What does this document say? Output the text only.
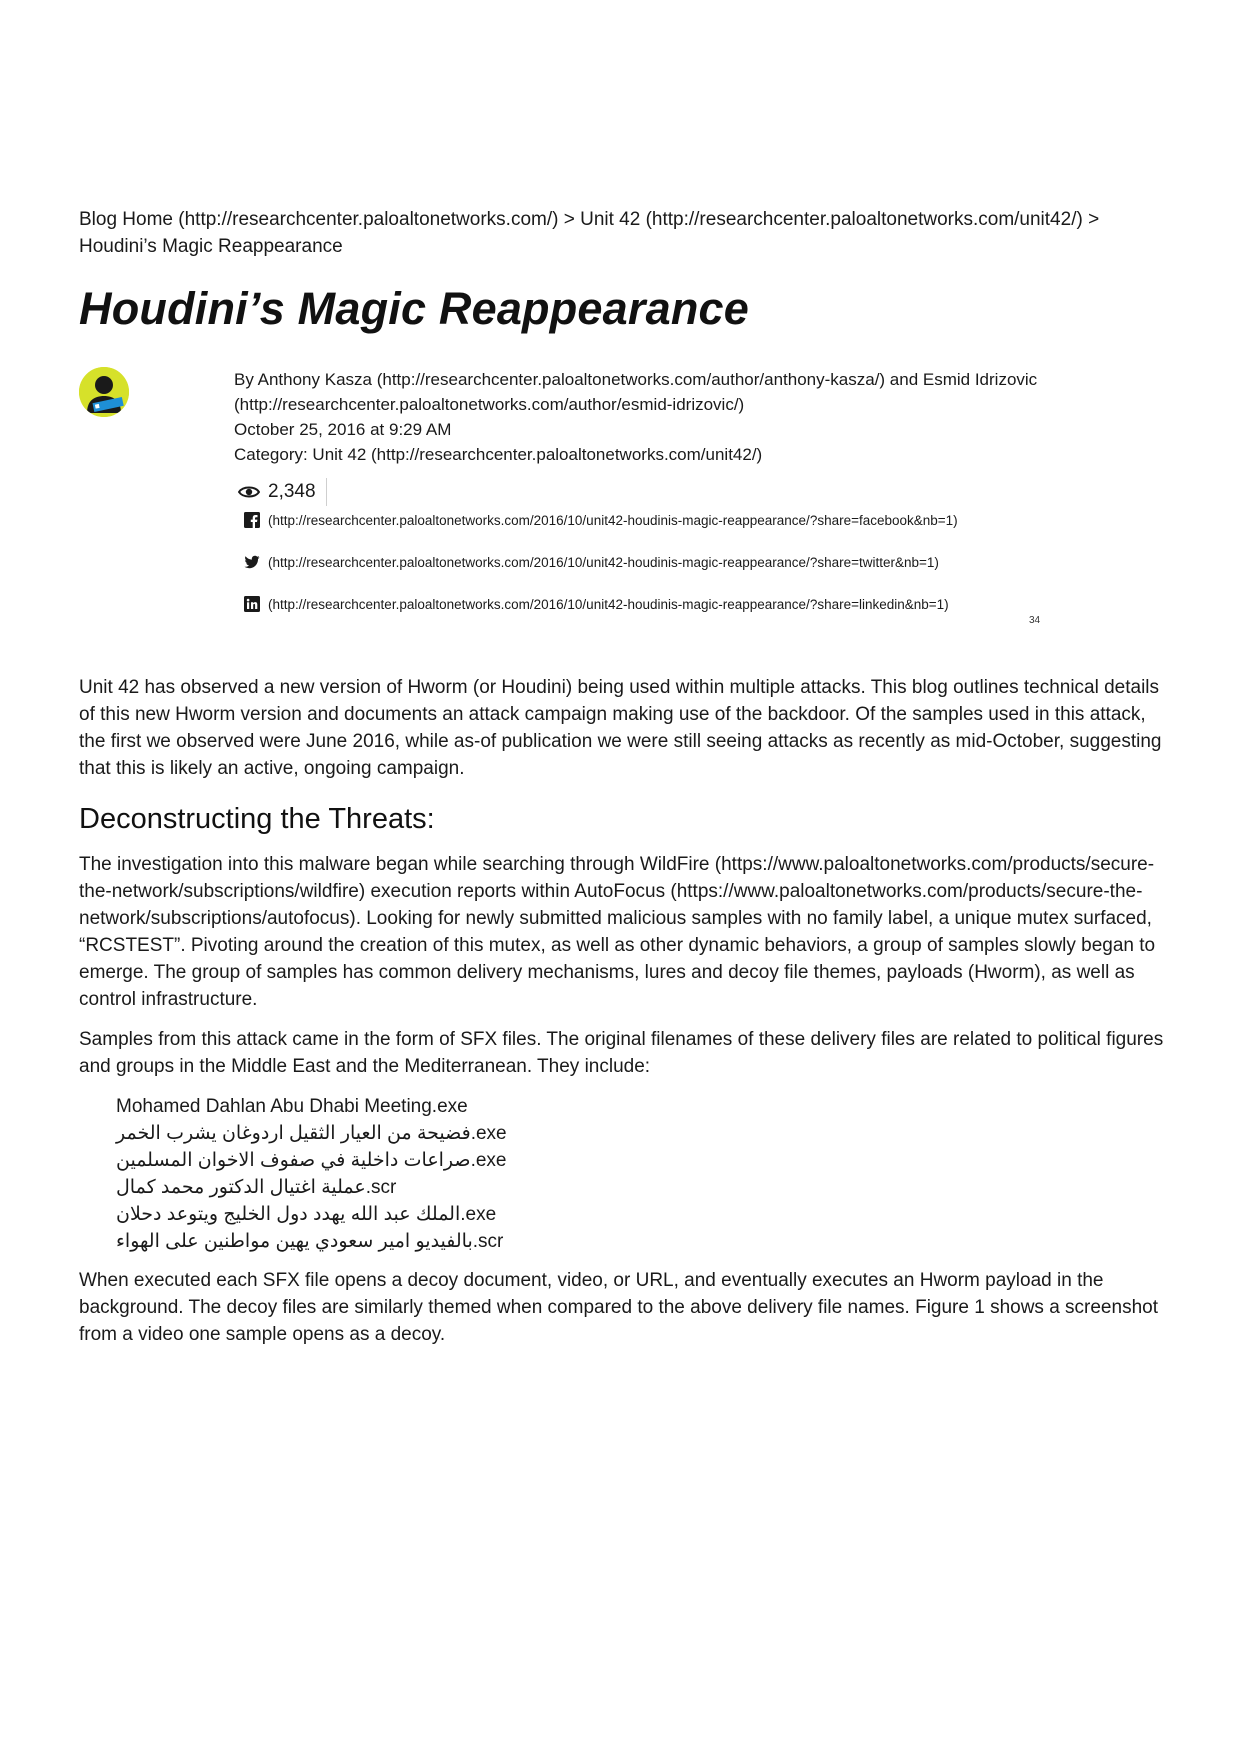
Blog Home (http://researchcenter.paloaltonetworks.com/) > Unit 42 (http://researchcenter.paloaltonetworks.com/unit42/) >
Houdini’s Magic Reappearance
Houdini’s Magic Reappearance
By Anthony Kasza (http://researchcenter.paloaltonetworks.com/author/anthony-kasza/) and Esmid Idrizovic
(http://researchcenter.paloaltonetworks.com/author/esmid-idrizovic/)
October 25, 2016 at 9:29 AM
Category: Unit 42 (http://researchcenter.paloaltonetworks.com/unit42/)
2,348
(http://researchcenter.paloaltonetworks.com/2016/10/unit42-houdinis-magic-reappearance/?share=facebook&nb=1)
(http://researchcenter.paloaltonetworks.com/2016/10/unit42-houdinis-magic-reappearance/?share=twitter&nb=1)
(http://researchcenter.paloaltonetworks.com/2016/10/unit42-houdinis-magic-reappearance/?share=linkedin&nb=1)
34

Unit 42 has observed a new version of Hworm (or Houdini) being used within multiple attacks. This blog outlines technical details of this new Hworm version and documents an attack campaign making use of the backdoor. Of the samples used in this attack, the first we observed were June 2016, while as-of publication we were still seeing attacks as recently as mid-October, suggesting that this is likely an active, ongoing campaign.

Deconstructing the Threats:

The investigation into this malware began while searching through WildFire (https://www.paloaltonetworks.com/products/secure-the-network/subscriptions/wildfire) execution reports within AutoFocus (https://www.paloaltonetworks.com/products/secure-the-network/subscriptions/autofocus). Looking for newly submitted malicious samples with no family label, a unique mutex surfaced, “RCSTEST”. Pivoting around the creation of this mutex, as well as other dynamic behaviors, a group of samples slowly began to emerge. The group of samples has common delivery mechanisms, lures and decoy file themes, payloads (Hworm), as well as control infrastructure.

Samples from this attack came in the form of SFX files. The original filenames of these delivery files are related to political figures and groups in the Middle East and the Mediterranean. They include:

Mohamed Dahlan Abu Dhabi Meeting.exe
فضيحة من العيار الثقيل اردوغان يشرب الخمر.exe
صراعات داخلية في صفوف الاخوان المسلمين.exe
عملية اغتيال الدكتور محمد كمال.scr
الملك عبد الله يهدد دول الخليج ويتوعد دحلان.exe
بالفيديو امير سعودي يهين مواطنين على الهواء.scr

When executed each SFX file opens a decoy document, video, or URL, and eventually executes an Hworm payload in the background. The decoy files are similarly themed when compared to the above delivery file names. Figure 1 shows a screenshot from a video one sample opens as a decoy.
